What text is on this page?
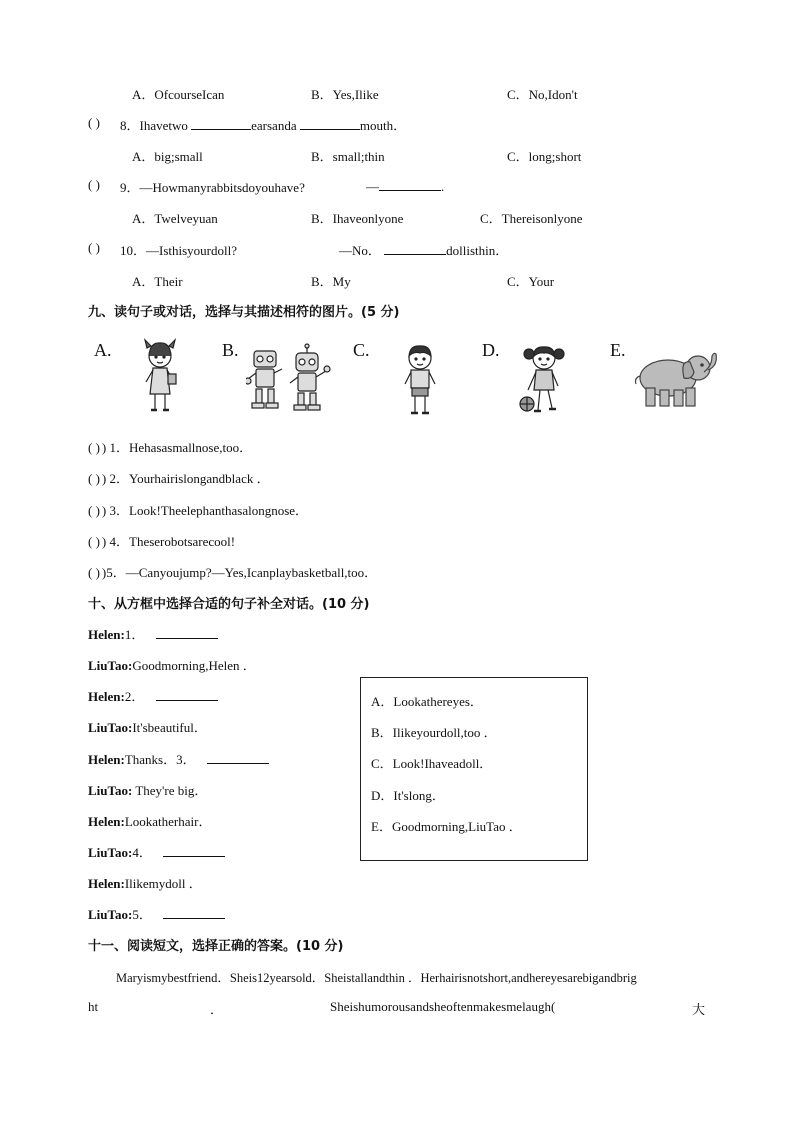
A．OfcourseIcan	B．Yes,Ilike	C．No,Idon't
( ) 8．Ihavetwo	earsanda	mouth．
A．big;small	B．small;thin	C．long;short
( ) 9．—Howmanyrabbitsdoyouhave?	—	.
A．Twelveyuan	B．Ihaveonlyone	C．Thereisonlyone
( ) 10．—Isthisyourdoll?	—No．	dollisthin．
A．Their	B．My	C．Your
九、读句子或对话，选择与其描述相符的图片。(5 分)
A.	B.	C.	D.	E.
( ) ) 1．Hehasasmallnose,too．
( ) ) 2．Yourhairislongandblack ．
( ) ) 3．Look!Theelephanthasalongnose．
( ) ) 4．Theserobotsarecool!
( ) )5．—Canyoujump?—Yes,Icanplaybasketball,too．
十、从方框中选择合适的句子补全对话。(10 分)
Helen:1．
LiuTao:Goodmorning,Helen ．
Helen:2．
LiuTao:It'sbeautiful．
Helen:Thanks．3．
LiuTao: They're big．
Helen:Lookatherhair．
LiuTao:4．
Helen:Ilikemydoll ．
LiuTao:5．
A．Lookathereyes．
B．Ilikeyourdoll,too ．
C．Look!Ihaveadoll．
D．It'slong．
E．Goodmorning,LiuTao ．
十一、阅读短文，选择正确的答案。(10 分)
Maryismybestfriend．Sheis12yearsold．Sheistallandthin ．Herhairisnotshort,andhereyesarebigandbrig
ht	．	Sheishumorousandsheoftenmakesmelaugh(	大
